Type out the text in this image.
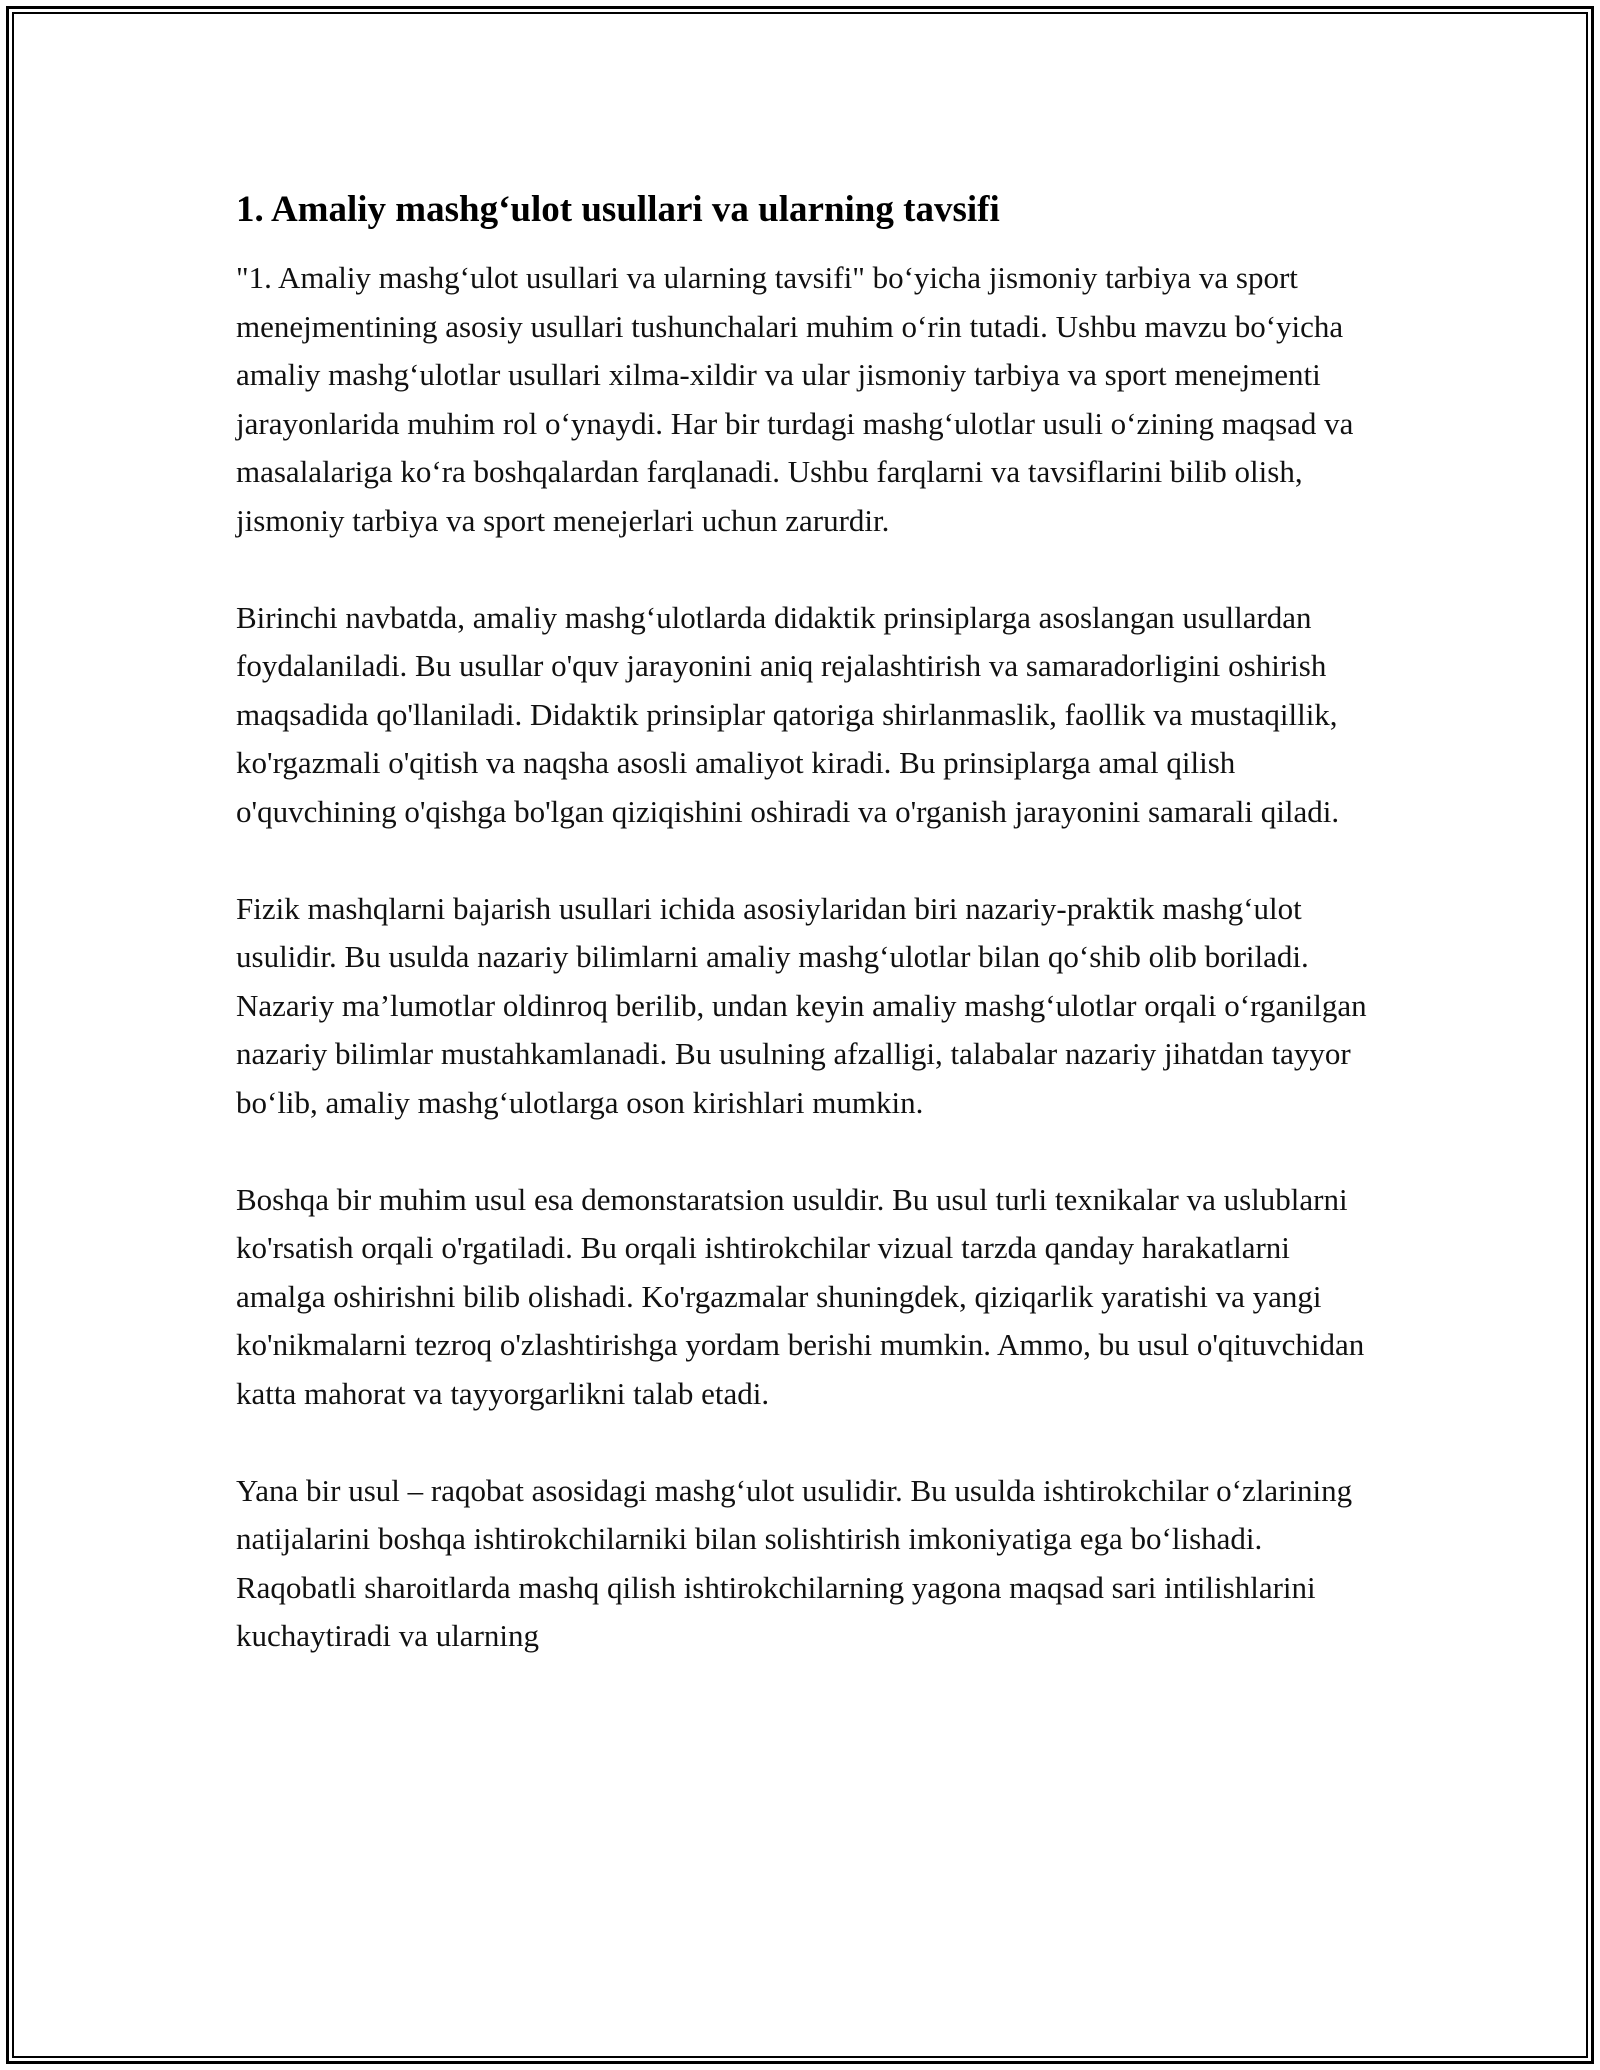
1. Amaliy mashg‘ulot usullari va ularning tavsifi

"1. Amaliy mashg‘ulot usullari va ularning tavsifi" bo‘yicha jismoniy tarbiya va sport menejmentining asosiy usullari tushunchalari muhim o‘rin tutadi. Ushbu mavzu bo‘yicha amaliy mashg‘ulotlar usullari xilma-xildir va ular jismoniy tarbiya va sport menejmenti jarayonlarida muhim rol o‘ynaydi. Har bir turdagi mashg‘ulotlar usuli o‘zining maqsad va masalalariga ko‘ra boshqalardan farqlanadi. Ushbu farqlarni va tavsiflarini bilib olish, jismoniy tarbiya va sport menejerlari uchun zarurdir.

Birinchi navbatda, amaliy mashg‘ulotlarda didaktik prinsiplarga asoslangan usullardan foydalaniladi. Bu usullar o'quv jarayonini aniq rejalashtirish va samaradorligini oshirish maqsadida qo'llaniladi. Didaktik prinsiplar qatoriga shirlanmaslik, faollik va mustaqillik, ko'rgazmali o'qitish va naqsha asosli amaliyot kiradi. Bu prinsiplarga amal qilish o'quvchining o'qishga bo'lgan qiziqishini oshiradi va o'rganish jarayonini samarali qiladi.

Fizik mashqlarni bajarish usullari ichida asosiylaridan biri nazariy-praktik mashg‘ulot usulidir. Bu usulda nazariy bilimlarni amaliy mashg‘ulotlar bilan qo‘shib olib boriladi. Nazariy ma’lumotlar oldinroq berilib, undan keyin amaliy mashg‘ulotlar orqali o‘rganilgan nazariy bilimlar mustahkamlanadi. Bu usulning afzalligi, talabalar nazariy jihatdan tayyor bo‘lib, amaliy mashg‘ulotlarga oson kirishlari mumkin.

Boshqa bir muhim usul esa demonstaratsion usuldir. Bu usul turli texnikalar va uslublarni ko'rsatish orqali o'rgatiladi. Bu orqali ishtirokchilar vizual tarzda qanday harakatlarni amalga oshirishni bilib olishadi. Ko'rgazmalar shuningdek, qiziqarlik yaratishi va yangi ko'nikmalarni tezroq o'zlashtirishga yordam berishi mumkin. Ammo, bu usul o'qituvchidan katta mahorat va tayyorgarlikni talab etadi.

Yana bir usul – raqobat asosidagi mashg‘ulot usulidir. Bu usulda ishtirokchilar o‘zlarining natijalarini boshqa ishtirokchilarniki bilan solishtirish imkoniyatiga ega bo‘lishadi. Raqobatli sharoitlarda mashq qilish ishtirokchilarning yagona maqsad sari intilishlarini kuchaytiradi va ularning
